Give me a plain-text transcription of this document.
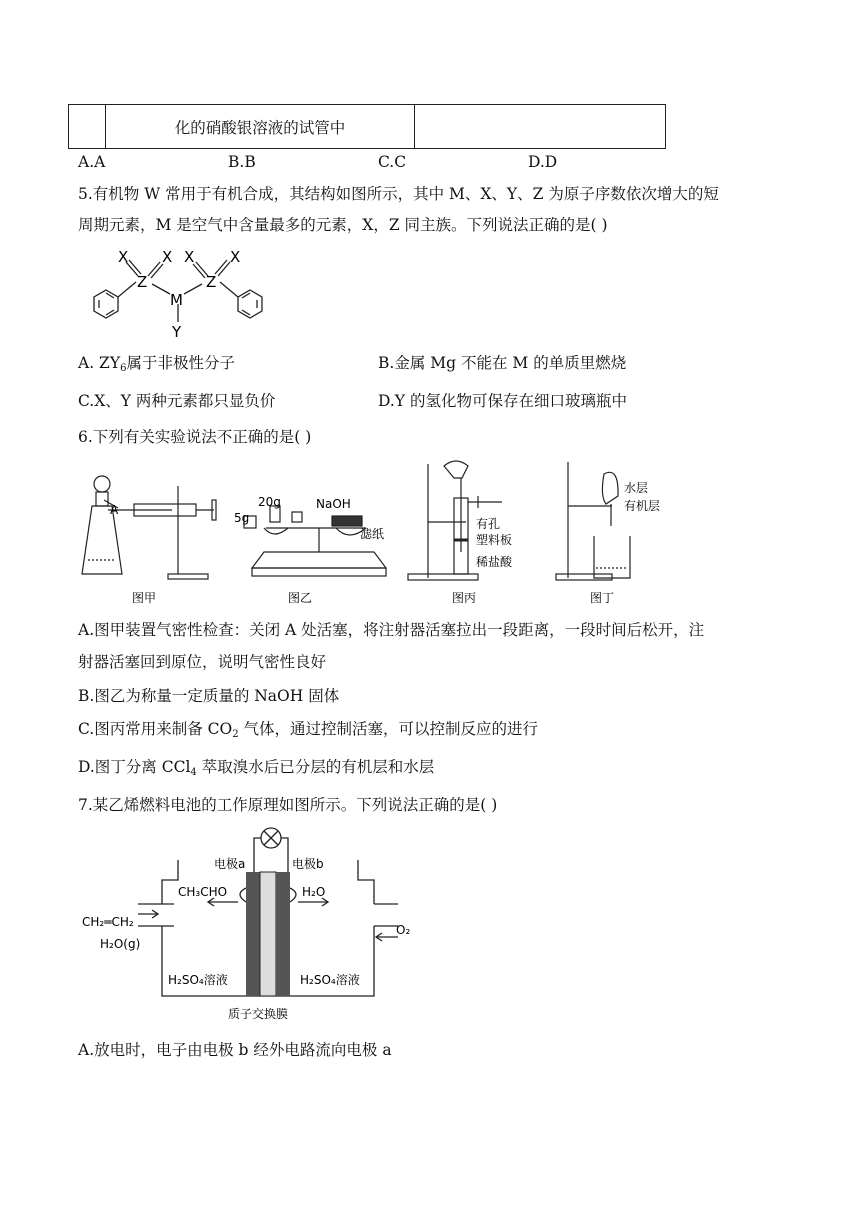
	化的硝酸银溶液的试管中	
A.A	B.B	C.C	D.D
5.有机物 W 常用于有机合成，其结构如图所示，其中 M、X、Y、Z 为原子序数依次增大的短
周期元素，M 是空气中含量最多的元素，X，Z 同主族。下列说法正确的是( )
X
Z
X
M
Y
X
Z
X
A. $ZY_6$属于非极性分子	B.金属 Mg 不能在 M 的单质里燃烧
C.X、Y 两种元素都只显负价	D.Y 的氢化物可保存在细口玻璃瓶中
6.下列有关实验说法不正确的是( )
A
图甲
5g
20g	NaOH
滤纸
图乙
有孔
塑料板
稀盐酸
图丙
水层
有机层
图丁
A.图甲装置气密性检查：关闭 A 处活塞，将注射器活塞拉出一段距离，一段时间后松开，注
射器活塞回到原位，说明气密性良好
B.图乙为称量一定质量的 NaOH 固体
C.图丙常用来制备 $CO_2$ 气体，通过控制活塞，可以控制反应的进行
D.图丁分离 CCl$_4$ 萃取溴水后已分层的有机层和水层
7.某乙烯燃料电池的工作原理如图所示。下列说法正确的是( )
电极a	电极b
CH₃CHO	H₂O
CH₂═CH₂
H₂O(g)
O₂
H₂SO₄溶液	H₂SO₄溶液
质子交换膜
A.放电时，电子由电极 b 经外电路流向电极 a
